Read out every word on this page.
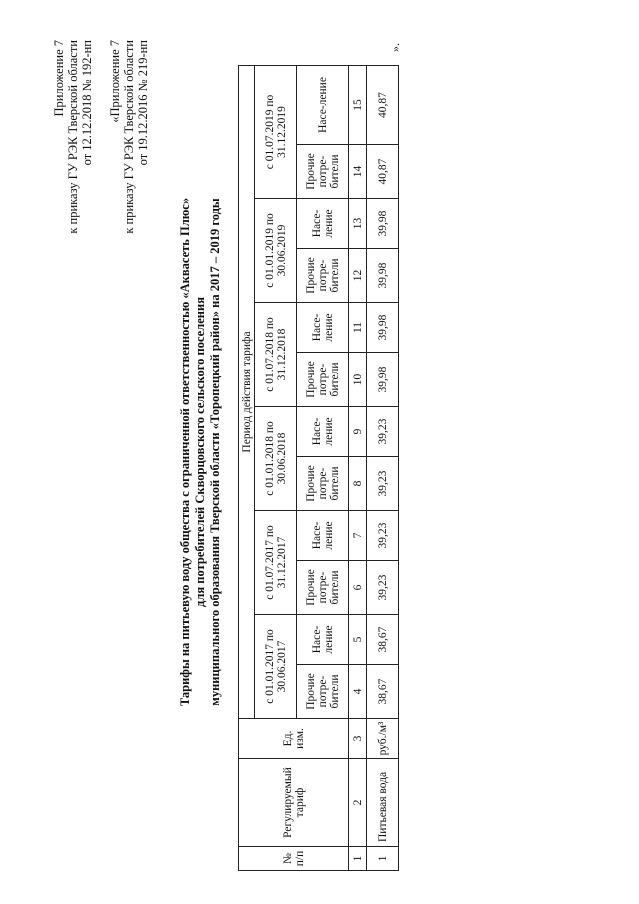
Приложение 7 к приказу ГУ РЭК Тверской области от 12.12.2018 № 192-нп «Приложение 7 к приказу ГУ РЭК Тверской области от 19.12.2016 № 219-нп
Тарифы на питьевую воду общества с ограниченной ответственностью «Аквасеть Плюс» для потребителей Скворцовского сельского поселения муниципального образования Тверской области «Торопецкий район» на 2017 – 2019 годы
№ п/п	Регулируемый тариф	Ед. изм.	Период действия тарифа											
			с 01.01.2017 по 30.06.2017		с 01.07.2017 по 31.12.2017		с 01.01.2018 по 30.06.2018		с 01.07.2018 по 31.12.2018		с 01.01.2019 по 30.06.2019		с 01.07.2019 по 31.12.2019	
			Прочие потре-бители	Насе-ление	Прочие потре-бители	Насе-ление	Прочие потре-бители	Насе-ление	Прочие потре-бители	Насе-ление	Прочие потре-бители	Насе-ление	Прочие потре-бители	Насе-ление
1	2	3	4	5	6	7	8	9	10	11	12	13	14	15
1	Питьевая вода	руб./м³	38,67	38,67	39,23	39,23	39,23	39,23	39,98	39,98	39,98	39,98	40,87	40,87
».
